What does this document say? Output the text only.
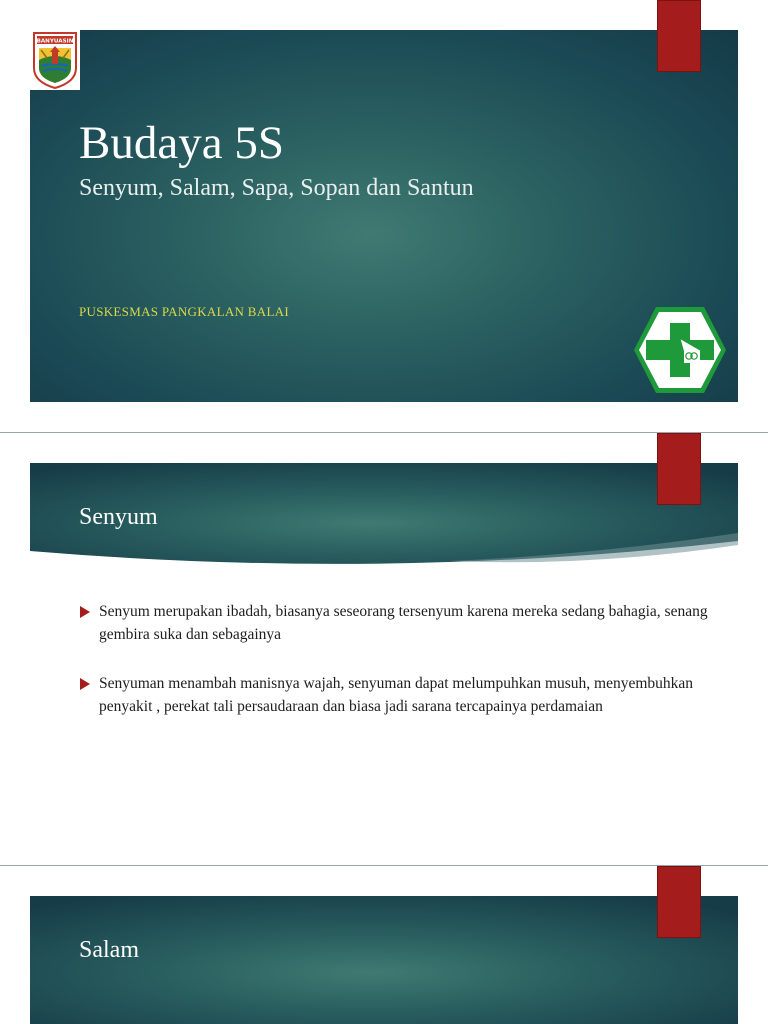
BANYUASIN
Budaya 5S
Senyum, Salam, Sapa, Sopan dan Santun
PUSKESMAS PANGKALAN BALAI
Senyum
Senyum merupakan ibadah, biasanya seseorang tersenyum karena mereka sedang bahagia, senang gembira suka dan sebagainya
Senyuman menambah manisnya wajah, senyuman dapat melumpuhkan musuh, menyembuhkan penyakit , perekat tali persaudaraan dan biasa jadi sarana tercapainya perdamaian
Salam
